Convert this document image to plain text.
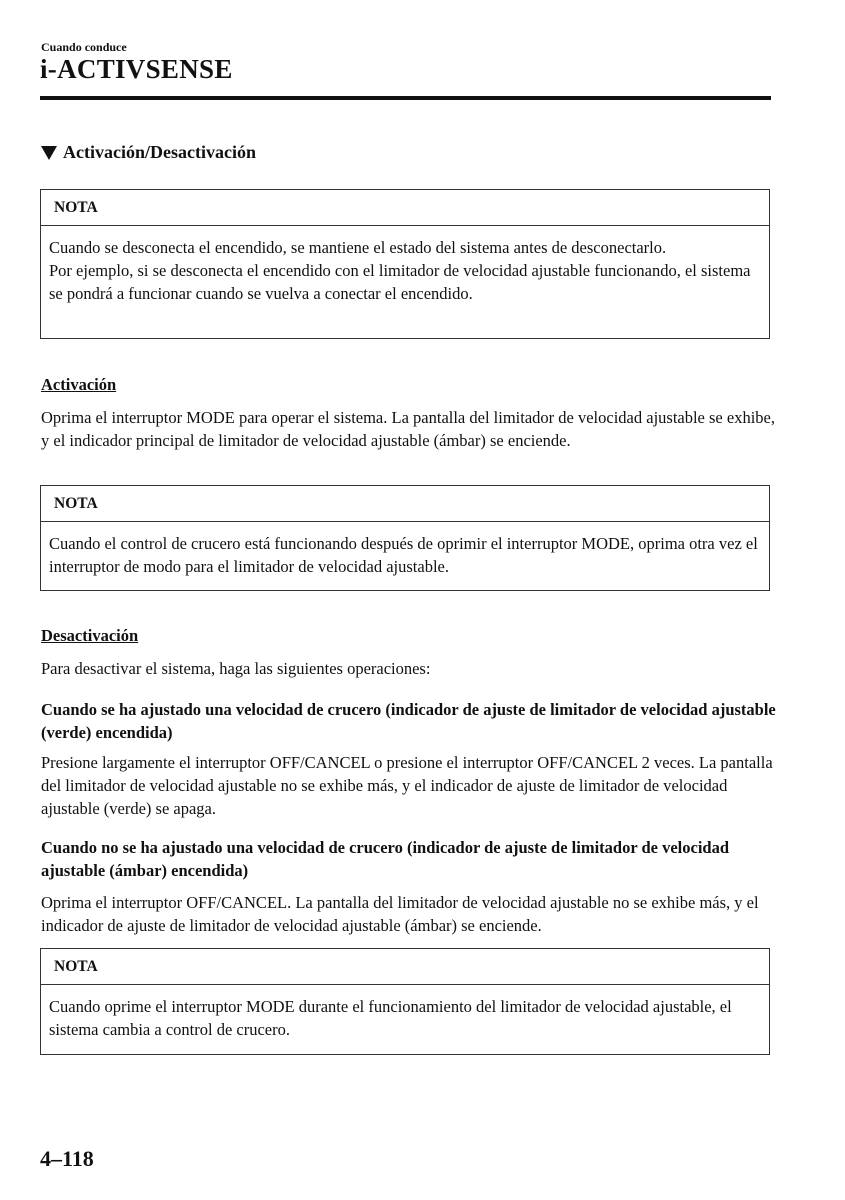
Cuando conduce
i-ACTIVSENSE
Activación/Desactivación
NOTA
Cuando se desconecta el encendido, se mantiene el estado del sistema antes de desconectarlo.
Por ejemplo, si se desconecta el encendido con el limitador de velocidad ajustable funcionando, el sistema se pondrá a funcionar cuando se vuelva a conectar el encendido.
Activación

Oprima el interruptor MODE para operar el sistema. La pantalla del limitador de velocidad ajustable se exhibe, y el indicador principal de limitador de velocidad ajustable (ámbar) se enciende.

NOTA
Cuando el control de crucero está funcionando después de oprimir el interruptor MODE, oprima otra vez el interruptor de modo para el limitador de velocidad ajustable.
Desactivación

Para desactivar el sistema, haga las siguientes operaciones:

Cuando se ha ajustado una velocidad de crucero (indicador de ajuste de limitador de velocidad ajustable (verde) encendida)

Presione largamente el interruptor OFF/CANCEL o presione el interruptor OFF/CANCEL 2 veces. La pantalla del limitador de velocidad ajustable no se exhibe más, y el indicador de ajuste de limitador de velocidad ajustable (verde) se apaga.

Cuando no se ha ajustado una velocidad de crucero (indicador de ajuste de limitador de velocidad ajustable (ámbar) encendida)

Oprima el interruptor OFF/CANCEL. La pantalla del limitador de velocidad ajustable no se exhibe más, y el indicador de ajuste de limitador de velocidad ajustable (ámbar) se enciende.

NOTA
Cuando oprime el interruptor MODE durante el funcionamiento del limitador de velocidad ajustable, el sistema cambia a control de crucero.
4–118
